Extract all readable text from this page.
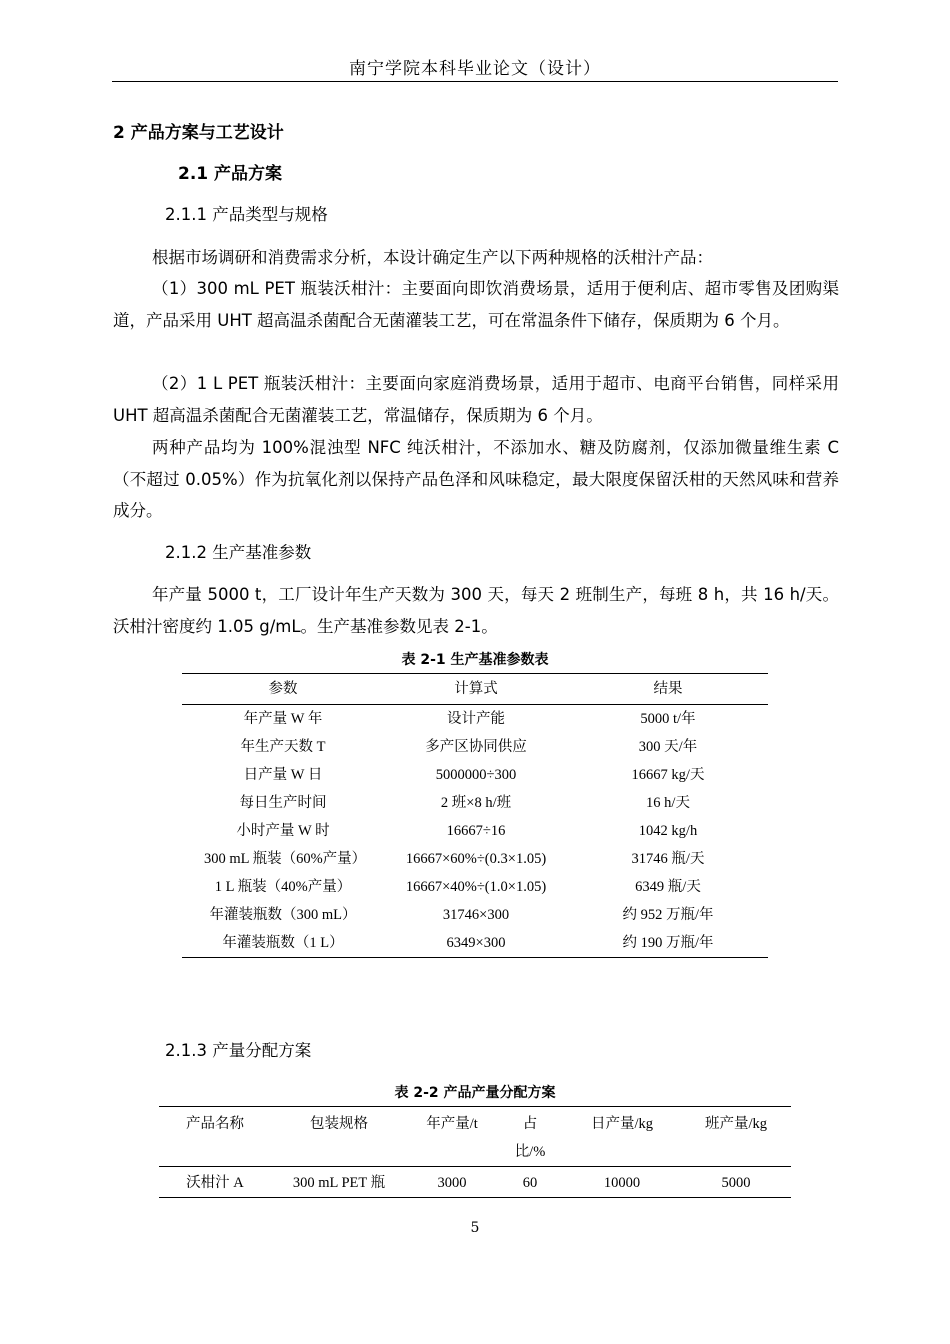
南宁学院本科毕业论文（设计）
2 产品方案与工艺设计
2.1 产品方案
2.1.1 产品类型与规格

根据市场调研和消费需求分析，本设计确定生产以下两种规格的沃柑汁产品：

（1）300 mL PET 瓶装沃柑汁：主要面向即饮消费场景，适用于便利店、超市零售及团购渠道，产品采用 UHT 超高温杀菌配合无菌灌装工艺，可在常温条件下储存，保质期为 6 个月。

（2）1 L PET 瓶装沃柑汁：主要面向家庭消费场景，适用于超市、电商平台销售，同样采用 UHT 超高温杀菌配合无菌灌装工艺，常温储存，保质期为 6 个月。

两种产品均为 100%混浊型 NFC 纯沃柑汁，不添加水、糖及防腐剂，仅添加微量维生素 C（不超过 0.05%）作为抗氧化剂以保持产品色泽和风味稳定，最大限度保留沃柑的天然风味和营养成分。

2.1.2 生产基准参数

年产量 5000 t，工厂设计年生产天数为 300 天，每天 2 班制生产，每班 8 h，共 16 h/天。沃柑汁密度约 1.05 g/mL。生产基准参数见表 2-1。

表 2-1 生产基准参数表
参数	计算式	结果
年产量 W 年	设计产能	5000 t/年
年生产天数 T	多产区协同供应	300 天/年
日产量 W 日	5000000÷300	16667 kg/天
每日生产时间	2 班×8 h/班	16 h/天
小时产量 W 时	16667÷16	1042 kg/h
300 mL 瓶装（60%产量）	16667×60%÷(0.3×1.05)	31746 瓶/天
1 L 瓶装（40%产量）	16667×40%÷(1.0×1.05)	6349 瓶/天
年灌装瓶数（300 mL）	31746×300	约 952 万瓶/年
年灌装瓶数（1 L）	6349×300	约 190 万瓶/年
2.1.3 产量分配方案
表 2-2 产品产量分配方案
产品名称	包装规格	年产量/t	占比/%	日产量/kg	班产量/kg
沃柑汁 A	300 mL PET 瓶	3000	60	10000	5000
5
